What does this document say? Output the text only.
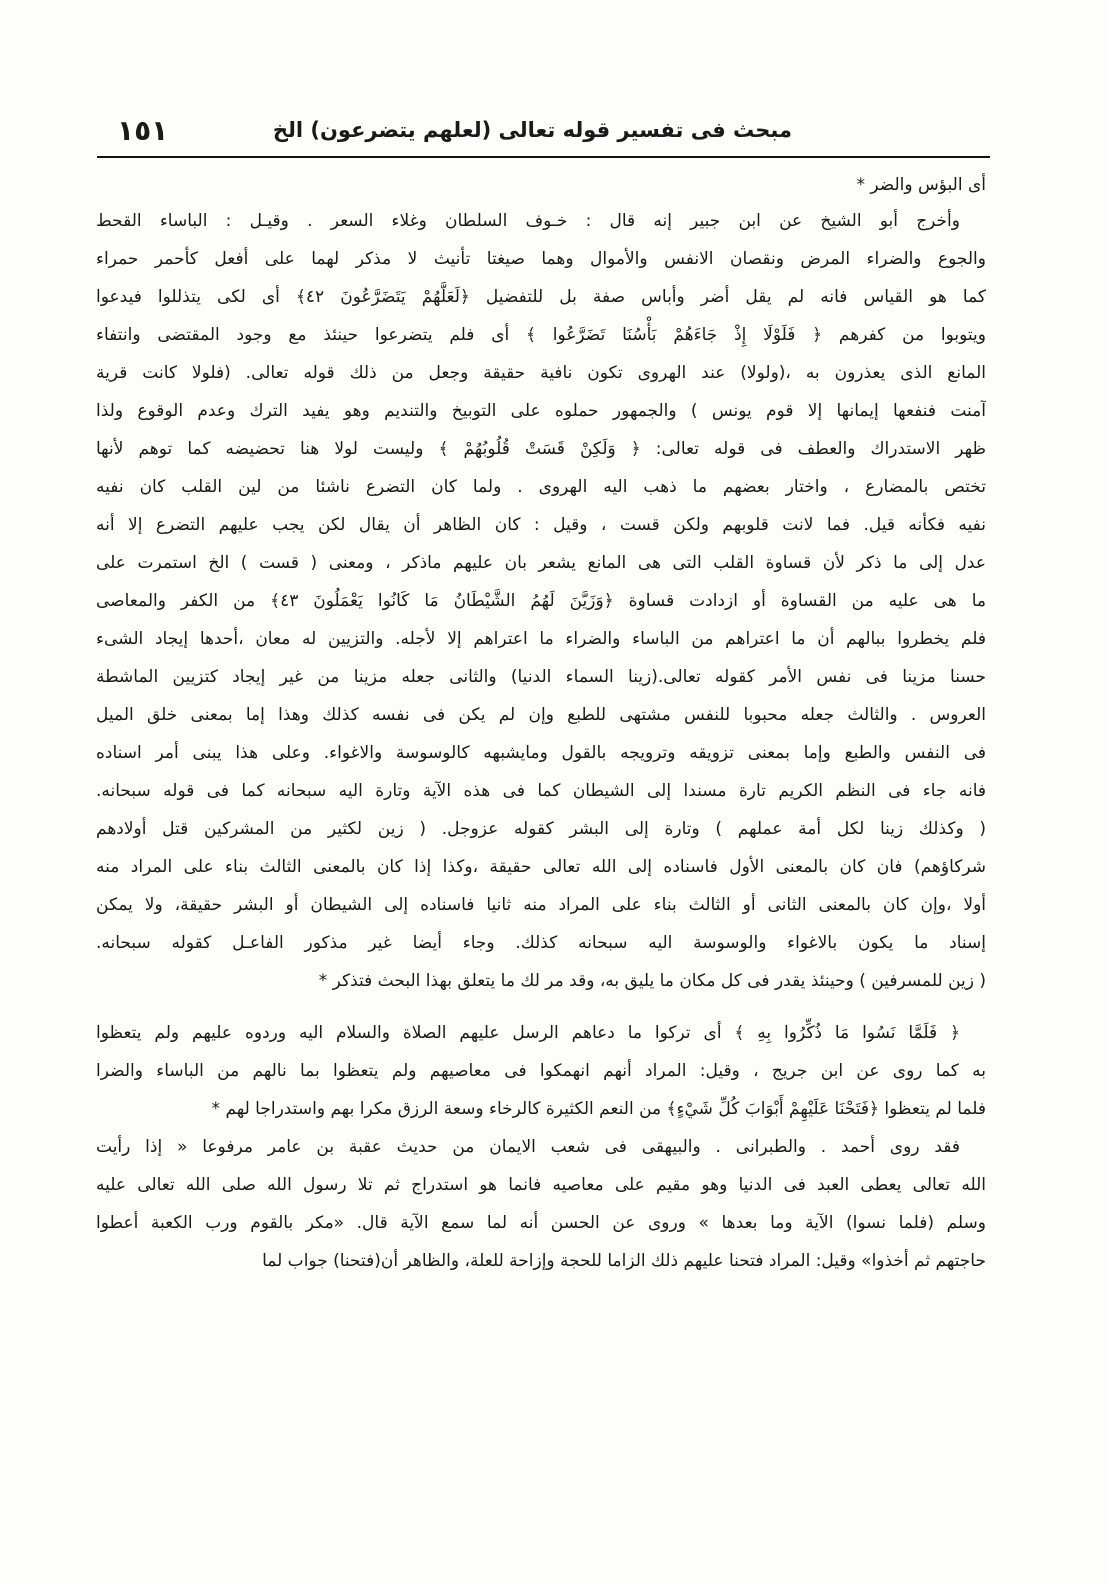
مبحث فى تفسير قوله تعالى (لعلهم يتضرعون) الخ
١٥١
أى البؤس والضر *
وأخرج أبو الشيخ عن ابن جبير إنه قال : خـوف السلطان وغلاء السعر . وقيـل : الباساء القحط
والجوع والضراء المرض ونقصان الانفس والأموال وهما صيغتا تأنيث لا مذكر لهما على أفعل كأحمر حمراء
كما هو القياس فانه لم يقل أضر وأباس صفة بل للتفضيل ﴿لَعَلَّهُمْ يَتَضَرَّعُونَ ٤٢﴾ أى لكى يتذللوا فيدعوا
ويتوبوا من كفرهم ﴿ فَلَوْلَا إِذْ جَاءَهُمْ بَأْسُنَا تَضَرَّعُوا ﴾ أى فلم يتضرعوا حينئذ مع وجود المقتضى وانتفاء
المانع الذى يعذرون به ،(ولولا) عند الهروى تكون نافية حقيقة وجعل من ذلك قوله تعالى. (فلولا كانت قرية
آمنت فنفعها إيمانها إلا قوم يونس ) والجمهور حملوه على التوبيخ والتنديم وهو يفيد الترك وعدم الوقوع ولذا
ظهر الاستدراك والعطف فى قوله تعالى: ﴿ وَلَكِنْ قَسَتْ قُلُوبُهُمْ ﴾ وليست لولا هنا تحضيضه كما توهم لأنها
تختص بالمضارع ، واختار بعضهم ما ذهب اليه الهروى . ولما كان التضرع ناشئا من لين القلب كان نفيه
نفيه فكأنه قيل. فما لانت قلوبهم ولكن قست ، وقيل : كان الظاهر أن يقال لكن يجب عليهم التضرع إلا أنه
عدل إلى ما ذكر لأن قساوة القلب التى هى المانع يشعر بان عليهم ماذكر ، ومعنى ( قست ) الخ استمرت على
ما هى عليه من القساوة أو ازدادت قساوة ﴿وَزَيَّنَ لَهُمُ الشَّيْطَانُ مَا كَانُوا يَعْمَلُونَ ٤٣﴾ من الكفر والمعاصى
فلم يخطروا ببالهم أن ما اعتراهم من الباساء والضراء ما اعتراهم إلا لأجله. والتزيين له معان ،أحدها إيجاد الشىء
حسنا مزينا فى نفس الأمر كقوله تعالى.(زينا السماء الدنيا) والثانى جعله مزينا من غير إيجاد كتزيين الماشطة
العروس . والثالث جعله محبوبا للنفس مشتهى للطبع وإن لم يكن فى نفسه كذلك وهذا إما بمعنى خلق الميل
فى النفس والطبع وإما بمعنى تزويقه وترويجه بالقول ومايشبهه كالوسوسة والاغواء. وعلى هذا يبنى أمر اسناده
فانه جاء فى النظم الكريم تارة مسندا إلى الشيطان كما فى هذه الآية وتارة اليه سبحانه كما فى قوله سبحانه.
( وكذلك زينا لكل أمة عملهم ) وتارة إلى البشر كقوله عزوجل. ( زين لكثير من المشركين قتل أولادهم
شركاؤهم) فان كان بالمعنى الأول فاسناده إلى الله تعالى حقيقة ،وكذا إذا كان بالمعنى الثالث بناء على المراد منه
أولا ،وإن كان بالمعنى الثانى أو الثالث بناء على المراد منه ثانيا فاسناده إلى الشيطان أو البشر حقيقة، ولا يمكن
إسناد ما يكون بالاغواء والوسوسة اليه سبحانه كذلك. وجاء أيضا غير مذكور الفاعـل كقوله سبحانه.
( زين للمسرفين ) وحينئذ يقدر فى كل مكان ما يليق به، وقد مر لك ما يتعلق بهذا البحث فتذكر *
﴿ فَلَمَّا نَسُوا مَا ذُكِّرُوا بِهِ ﴾ أى تركوا ما دعاهم الرسل عليهم الصلاة والسلام اليه وردوه عليهم ولم يتعظوا
به كما روى عن ابن جريج ، وقيل: المراد أنهم انهمكوا فى معاصيهم ولم يتعظوا بما نالهم من الباساء والضرا
فلما لم يتعظوا ﴿فَتَحْنَا عَلَيْهِمْ أَبْوَابَ كُلِّ شَيْءٍ﴾ من النعم الكثيرة كالرخاء وسعة الرزق مكرا بهم واستدراجا لهم *
فقد روى أحمد . والطبرانى . والبيهقى فى شعب الايمان من حديث عقبة بن عامر مرفوعا « إذا رأيت
الله تعالى يعطى العبد فى الدنيا وهو مقيم على معاصيه فانما هو استدراج ثم تلا رسول الله صلى الله تعالى عليه
وسلم (فلما نسوا) الآية وما بعدها » وروى عن الحسن أنه لما سمع الآية قال. «مكر بالقوم ورب الكعبة أعطوا
حاجتهم ثم أخذوا» وقيل: المراد فتحنا عليهم ذلك الزاما للحجة وإزاحة للعلة، والظاهر أن(فتحنا) جواب لما
